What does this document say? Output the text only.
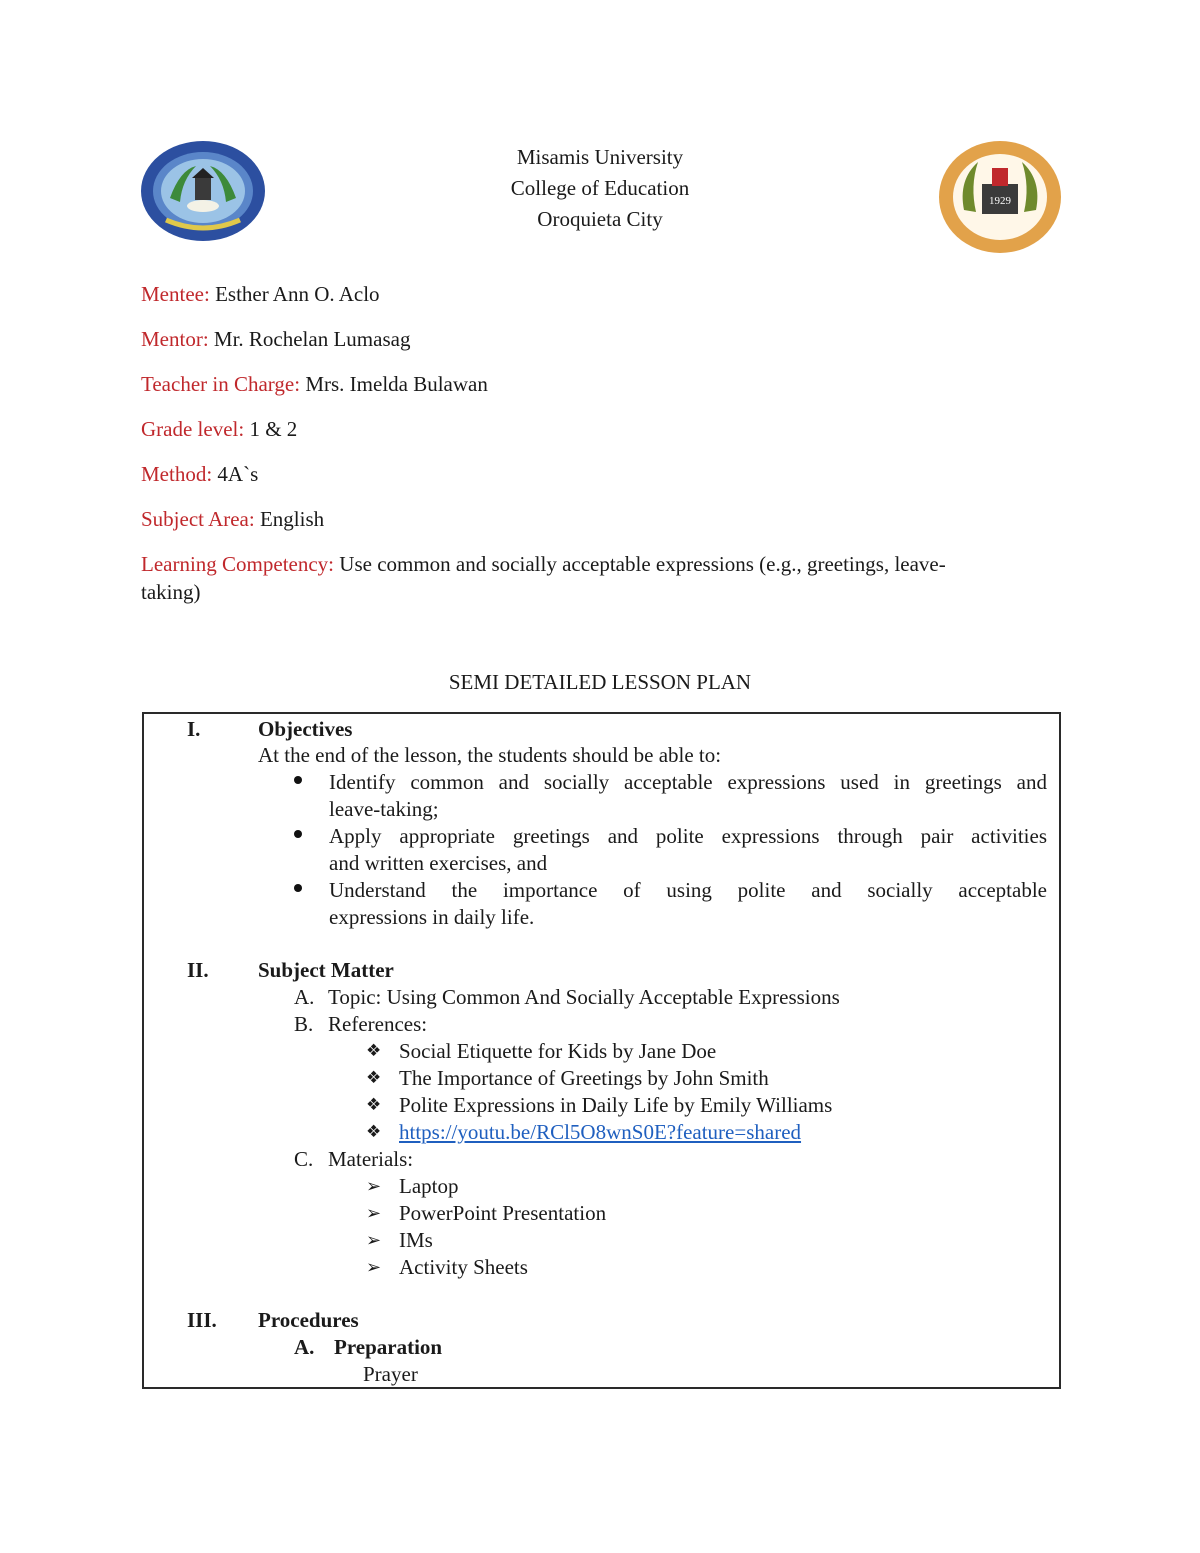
1929
Misamis University
College of Education
Oroquieta City
Mentee: Esther Ann O. Aclo
Mentor: Mr. Rochelan Lumasag
Teacher in Charge: Mrs. Imelda Bulawan
Grade level: 1 & 2
Method: 4A`s
Subject Area: English
Learning Competency: Use common and socially acceptable expressions (e.g., greetings, leave-
taking)
SEMI DETAILED LESSON PLAN
I.	Objectives
At the end of the lesson, the students should be able to:
Identify common and socially acceptable expressions used in greetings and
leave-taking;
Apply appropriate greetings and polite expressions through pair activities
and written exercises, and
Understand the importance of using polite and socially acceptable
expressions in daily life.
II. Subject Matter
A. Topic: Using Common And Socially Acceptable Expressions
B. References:
❖ Social Etiquette for Kids by Jane Doe
❖ The Importance of Greetings by John Smith
❖ Polite Expressions in Daily Life by Emily Williams
❖ https://youtu.be/RCl5O8wnS0E?feature=shared
C. Materials:
➢ Laptop
➢ PowerPoint Presentation
➢ IMs
➢ Activity Sheets
III. Procedures
A. Preparation
Prayer
